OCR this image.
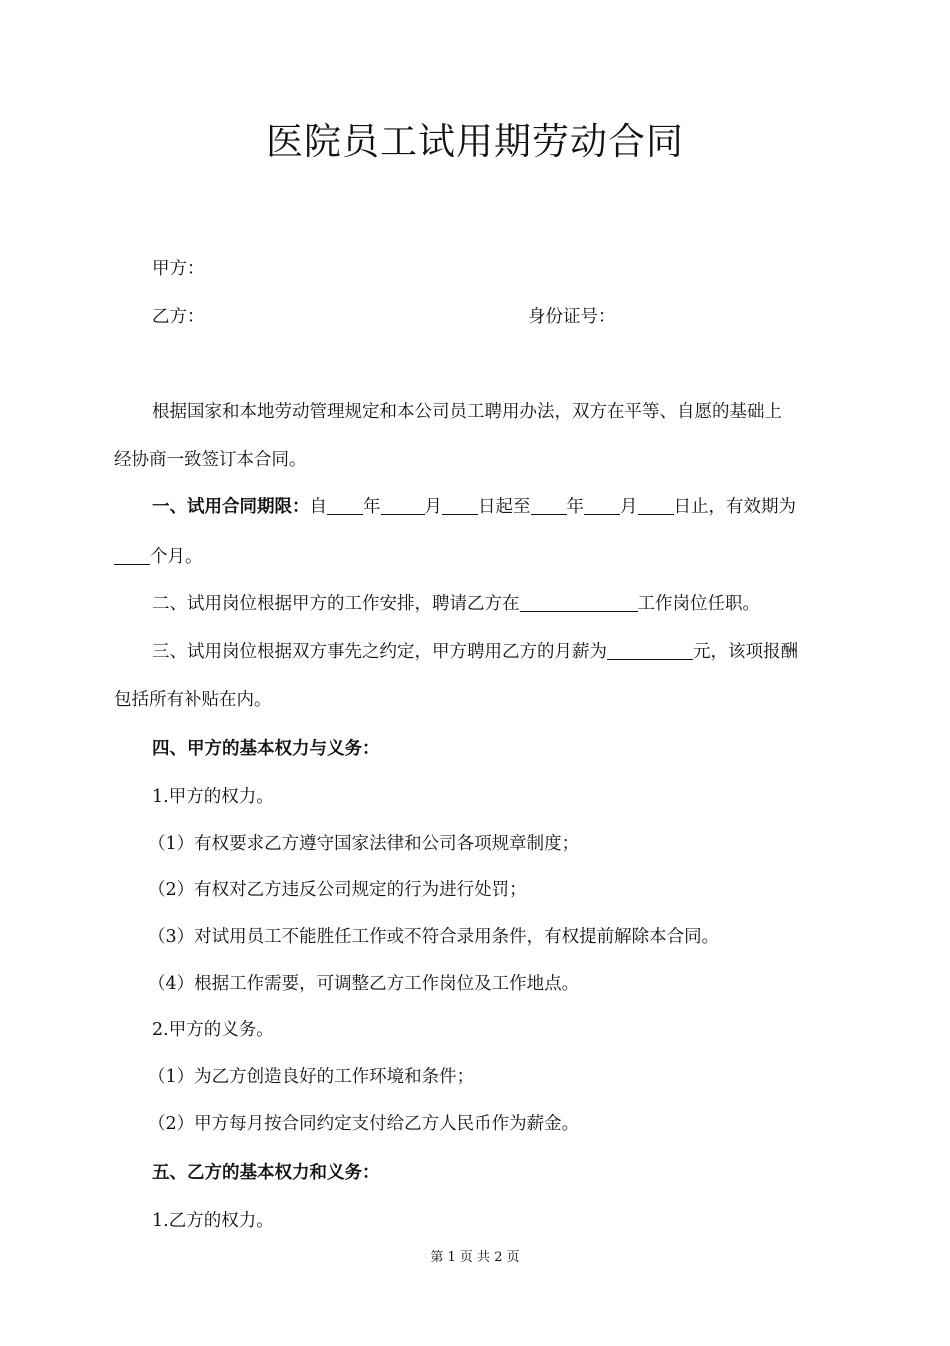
医院员工试用期劳动合同
甲方：
乙方：	身份证号：
根据国家和本地劳动管理规定和本公司员工聘用办法，双方在平等、自愿的基础上
经协商一致签订本合同。
一、试用合同期限：自 年	月 日起至 年 月 日止，有效期为
个月。
二、试用岗位根据甲方的工作安排，聘请乙方在	工作岗位任职。
三、试用岗位根据双方事先之约定，甲方聘用乙方的月薪为	元，该项报酬
包括所有补贴在内。
四、甲方的基本权力与义务：
1.甲方的权力。
（1）有权要求乙方遵守国家法律和公司各项规章制度；
（2）有权对乙方违反公司规定的行为进行处罚；
（3）对试用员工不能胜任工作或不符合录用条件，有权提前解除本合同。
（4）根据工作需要，可调整乙方工作岗位及工作地点。
2.甲方的义务。
（1）为乙方创造良好的工作环境和条件；
（2）甲方每月按合同约定支付给乙方人民币作为薪金。
五、乙方的基本权力和义务：
1.乙方的权力。
第 1 页 共 2 页
